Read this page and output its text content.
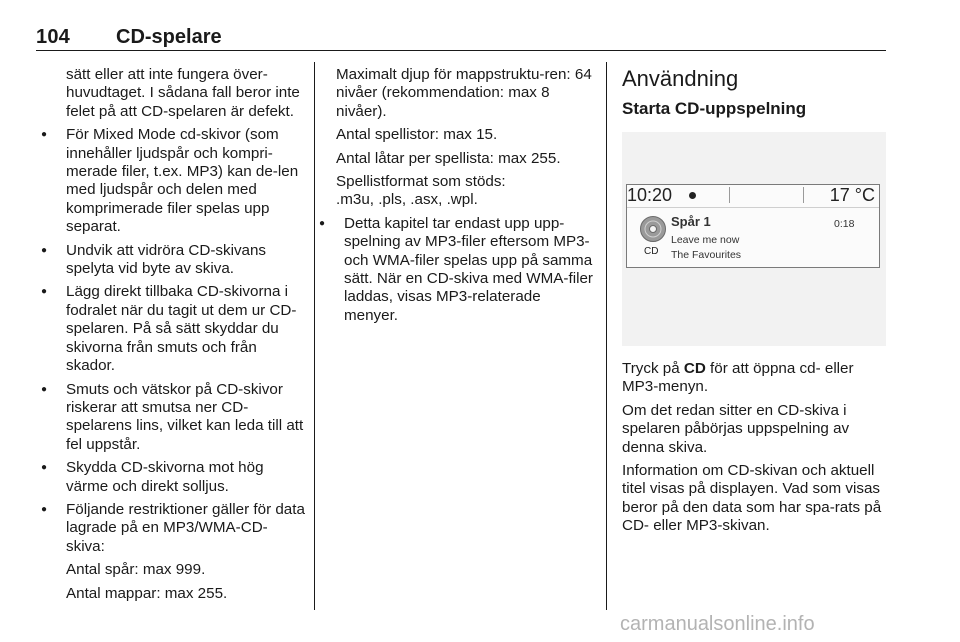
104 CD-spelare

sätt eller att inte fungera över-huvudtaget. I sådana fall beror inte felet på att CD-spelaren är defekt.

● För Mixed Mode cd-skivor (som innehåller ljudspår och kompri-merade filer, t.ex. MP3) kan de-len med ljudspår och delen med komprimerade filer spelas upp separat.

● Undvik att vidröra CD-skivans spelyta vid byte av skiva.

● Lägg direkt tillbaka CD-skivorna i fodralet när du tagit ut dem ur CD-spelaren. På så sätt skyddar du skivorna från smuts och från skador.

● Smuts och vätskor på CD-skivor riskerar att smutsa ner CD-spelarens lins, vilket kan leda till att fel uppstår.

● Skydda CD-skivorna mot hög värme och direkt solljus.

● Följande restriktioner gäller för data lagrade på en MP3/WMA-CD-skiva:

Antal spår: max 999.

Antal mappar: max 255.

Maximalt djup för mappstruktu-ren: 64 nivåer (rekommendation: max 8 nivåer).

Antal spellistor: max 15.

Antal låtar per spellista: max 255.

Spellistformat som stöds:
.m3u, .pls, .asx, .wpl.

● Detta kapitel tar endast upp upp-spelning av MP3-filer eftersom MP3- och WMA-filer spelas upp på samma sätt. När en CD-skiva med WMA-filer laddas, visas MP3-relaterade menyer.

Användning
Starta CD-uppspelning
10:20	17 °C
CD
Spår 1
Leave me now
The Favourites
0:18

Tryck på CD för att öppna cd- eller MP3-menyn.

Om det redan sitter en CD-skiva i spelaren påbörjas uppspelning av denna skiva.

Information om CD-skivan och aktuell titel visas på displayen. Vad som visas beror på den data som har spa-rats på CD- eller MP3-skivan.

carmanualsonline.info
